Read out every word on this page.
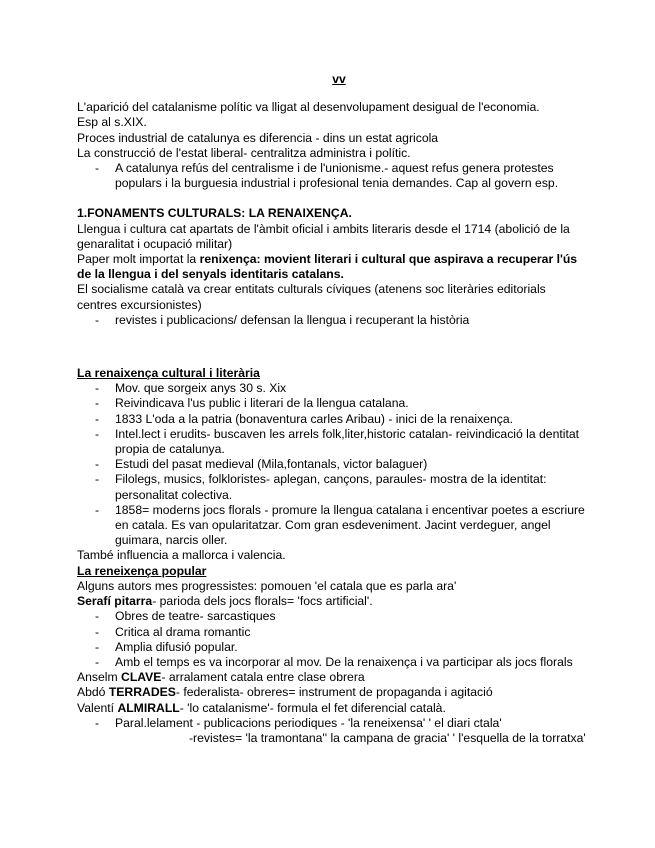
vv
L'aparició del catalanisme polític va lligat al desenvolupament desigual de l'economia.
Esp al s.XIX.
Proces industrial de catalunya es diferencia - dins un estat agricola
La construcció de l'estat liberal- centralitza administra i polític.
- A catalunya refús del centralisme i de l'unionisme.- aquest refus genera protestes populars i la burguesia industrial i profesional tenia demandes. Cap al govern esp.
1.FONAMENTS CULTURALS: LA RENAIXENÇA.
Llengua i cultura cat apartats de l'àmbit oficial i ambits literaris desde el 1714 (abolició de la genaralitat i ocupació militar)
Paper molt importat la renixença: movient literari i cultural que aspirava a recuperar l'ús de la llengua i del senyals identitaris catalans.
El socialisme català va crear entitats culturals cíviques (atenens soc literàries editorials centres excursionistes)
- revistes i publicacions/ defensan la llengua i recuperant la història
La renaixença cultural i literària
- Mov. que sorgeix anys 30 s. Xix
- Reivindicava l'us public i literari de la llengua catalana.
- 1833 L'oda a la patria (bonaventura carles Aribau) - inici de la renaixença.
- Intel.lect i erudits- buscaven les arrels folk,liter,historic catalan- reivindicació la dentitat propia de catalunya.
- Estudi del pasat medieval (Mila,fontanals, victor balaguer)
- Filolegs, musics, folkloristes- aplegan, cançons, paraules- mostra de la identitat: personalitat colectiva.
- 1858= moderns jocs florals - promure la llengua catalana i encentivar poetes a escriure en catala. Es van opularitatzar. Com gran esdeveniment. Jacint verdeguer, angel guimara, narcis oller.
També influencia a mallorca i valencia.
La reneixença popular
Alguns autors mes progressistes: pomouen 'el catala que es parla ara'
Serafí pitarra- parioda dels jocs florals= 'focs artificial'.
- Obres de teatre- sarcastiques
- Critica al drama romantic
- Amplia difusió popular.
- Amb el temps es va incorporar al mov. De la renaixença i va participar als jocs florals
Anselm CLAVE- arralament catala entre clase obrera
Abdó TERRADES- federalista- obreres= instrument de propaganda i agitació
Valentí ALMIRALL- 'lo catalanisme'- formula el fet diferencial català.
- Paral.lelament - publicacions periodiques - 'la reneixensa' ' el diari ctala'
-revistes= 'la tramontana'' la campana de gracia' ' l'esquella de la torratxa'
